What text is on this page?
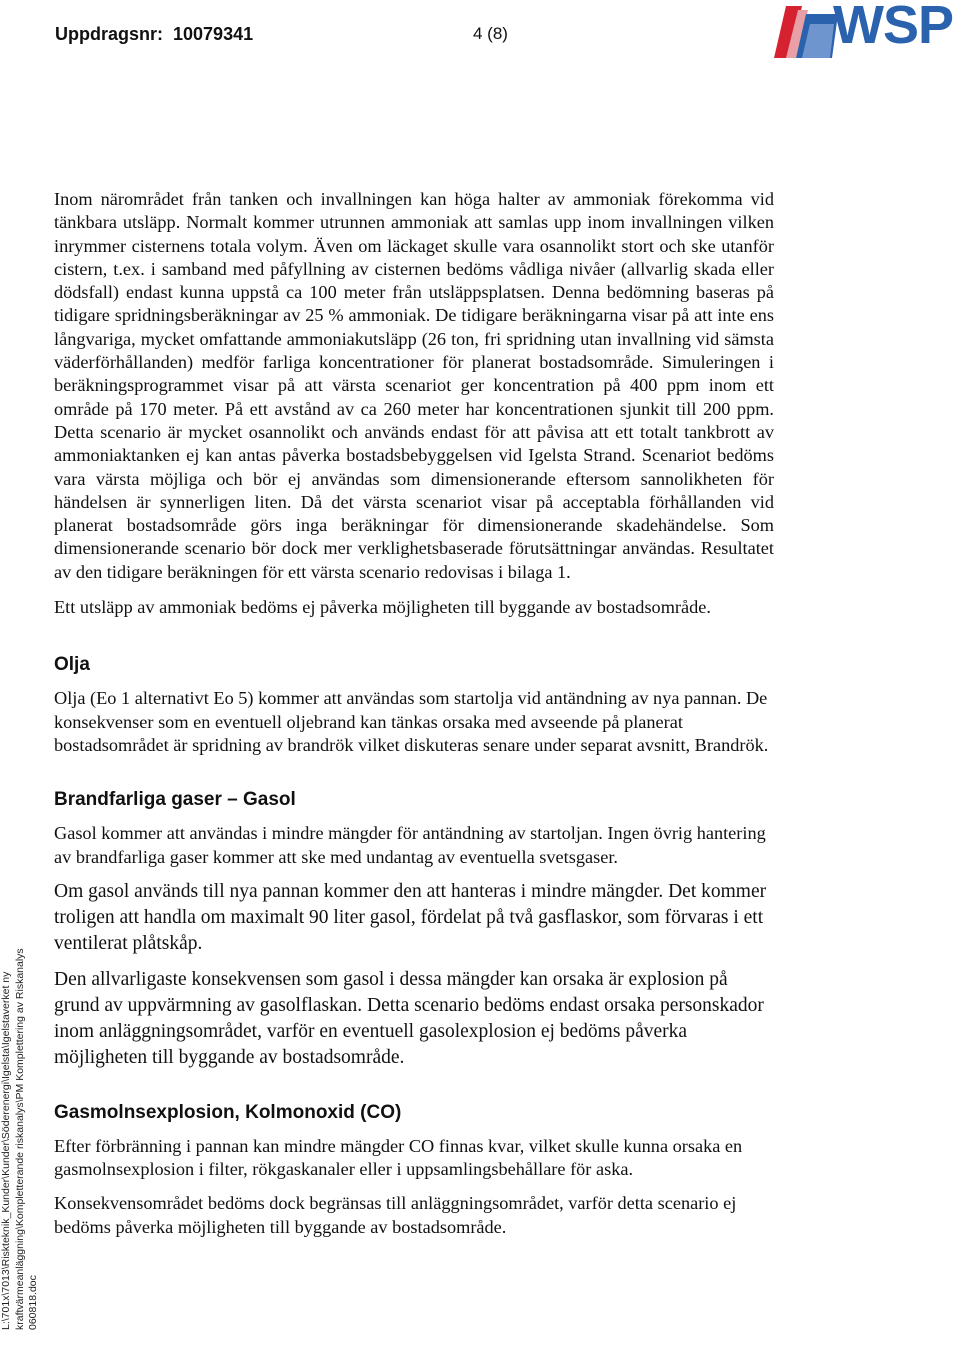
Uppdragsnr: 10079341	4 (8)	WSP

Inom närområdet från tanken och invallningen kan höga halter av ammoniak förekomma vid tänkbara utsläpp. Normalt kommer utrunnen ammoniak att samlas upp inom invallningen vilken inrymmer cisternens totala volym. Även om läckaget skulle vara osannolikt stort och ske utanför cistern, t.ex. i samband med påfyllning av cisternen bedöms vådliga nivåer (allvarlig skada eller dödsfall) endast kunna uppstå ca 100 meter från utsläppsplatsen. Denna bedömning baseras på tidigare spridningsberäkningar av 25 % ammoniak. De tidigare beräkningarna visar på att inte ens långvariga, mycket omfattande ammoniakutsläpp (26 ton, fri spridning utan invallning vid sämsta väderförhållanden) medför farliga koncentrationer för planerat bostadsområde. Simuleringen i beräkningsprogrammet visar på att värsta scenariot ger koncentration på 400 ppm inom ett område på 170 meter. På ett avstånd av ca 260 meter har koncentrationen sjunkit till 200 ppm. Detta scenario är mycket osannolikt och används endast för att påvisa att ett totalt tankbrott av ammoniaktanken ej kan antas påverka bostadsbebyggelsen vid Igelsta Strand. Scenariot bedöms vara värsta möjliga och bör ej användas som dimensionerande eftersom sannolikheten för händelsen är synnerligen liten. Då det värsta scenariot visar på acceptabla förhållanden vid planerat bostadsområde görs inga beräkningar för dimensionerande skadehändelse. Som dimensionerande scenario bör dock mer verklighetsbaserade förutsättningar användas. Resultatet av den tidigare beräkningen för ett värsta scenario redovisas i bilaga 1.

Ett utsläpp av ammoniak bedöms ej påverka möjligheten till byggande av bostadsområde.

Olja

Olja (Eo 1 alternativt Eo 5) kommer att användas som startolja vid antändning av nya pannan. De konsekvenser som en eventuell oljebrand kan tänkas orsaka med avseende på planerat bostadsområdet är spridning av brandrök vilket diskuteras senare under separat avsnitt, Brandrök.

Brandfarliga gaser – Gasol

Gasol kommer att användas i mindre mängder för antändning av startoljan. Ingen övrig hantering av brandfarliga gaser kommer att ske med undantag av eventuella svetsgaser.

Om gasol används till nya pannan kommer den att hanteras i mindre mängder. Det kommer troligen att handla om maximalt 90 liter gasol, fördelat på två gasflaskor, som förvaras i ett ventilerat plåtskåp.

Den allvarligaste konsekvensen som gasol i dessa mängder kan orsaka är explosion på grund av uppvärmning av gasolflaskan. Detta scenario bedöms endast orsaka personskador inom anläggningsområdet, varför en eventuell gasolexplosion ej bedöms påverka möjligheten till byggande av bostadsområde.

Gasmolnsexplosion, Kolmonoxid (CO)

Efter förbränning i pannan kan mindre mängder CO finnas kvar, vilket skulle kunna orsaka en gasmolnsexplosion i filter, rökgaskanaler eller i uppsamlingsbehållare för aska.

Konsekvensområdet bedöms dock begränsas till anläggningsområdet, varför detta scenario ej bedöms påverka möjligheten till byggande av bostadsområde.

L:\701x\7013\Riskteknik_Kunder\Kunder\Söderenergi\Igelsta\Igelstaverket ny kraftvärmeanläggning\Kompletterande riskanalys\PM Komplettering av Riskanalys 060818.doc
